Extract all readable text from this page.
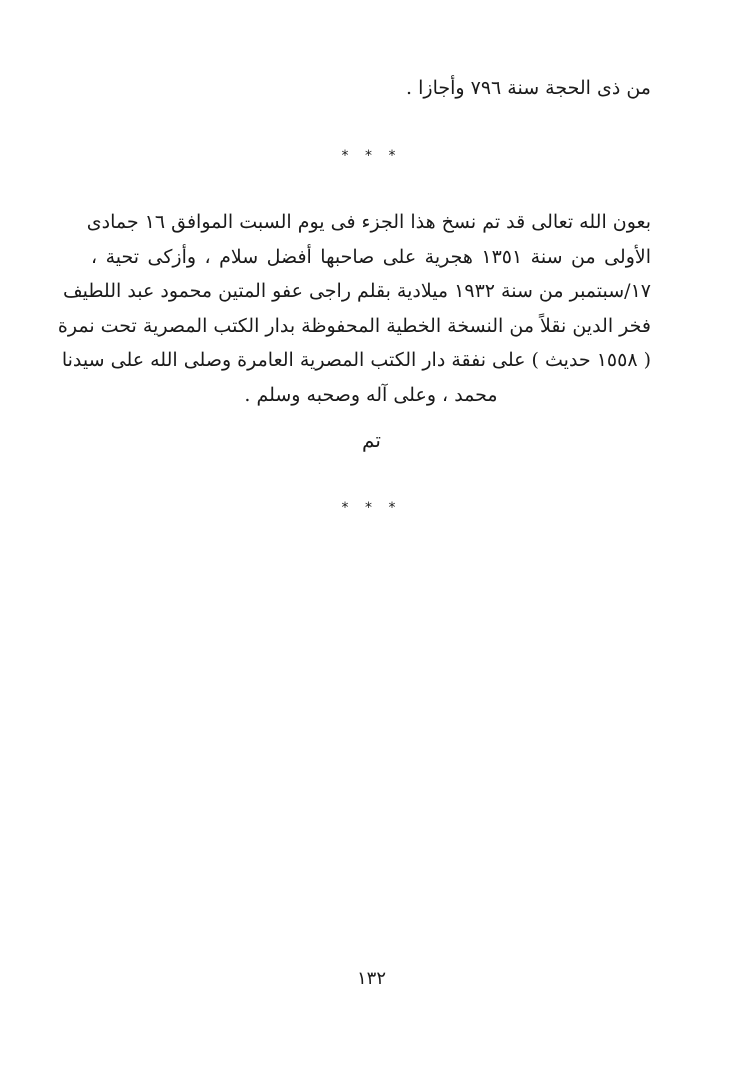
من ذى الحجة سنة ٧٩٦ وأجازا .
* * *
بعون الله تعالى قد تم نسخ هذا الجزء فى يوم السبت الموافق ١٦ جمادى
الأولى من سنة ١٣٥١ هجرية على صاحبها أفضل سلام ، وأزكى تحية ،
١٧/سبتمبر من سنة ١٩٣٢ ميلادية بقلم راجى عفو المتين محمود عبد اللطيف
فخر الدين نقلاً من النسخة الخطية المحفوظة بدار الكتب المصرية تحت نمرة
( ١٥٥٨ حديث ) على نفقة دار الكتب المصرية العامرة وصلى الله على سيدنا
محمد ، وعلى آله وصحبه وسلم .
تم
* * *
١٣٢
